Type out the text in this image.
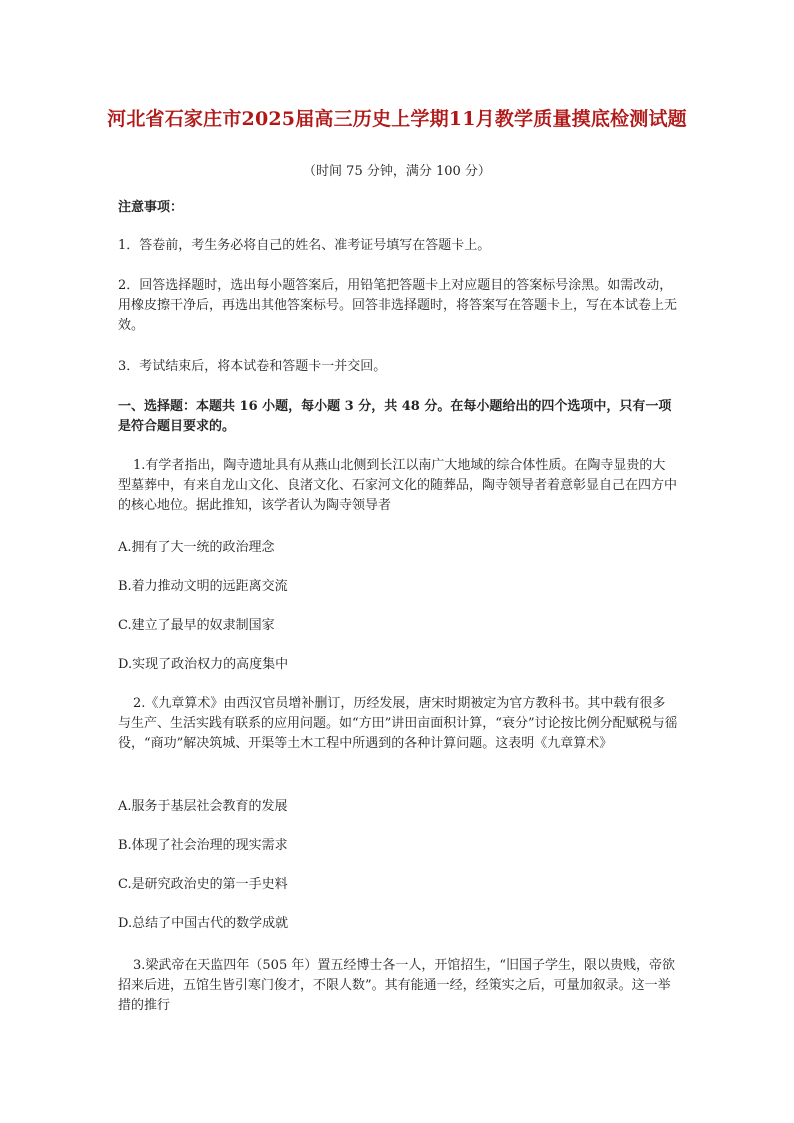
河北省石家庄市2025届高三历史上学期11月教学质量摸底检测试题
（时间 75 分钟，满分 100 分）
注意事项：
1．答卷前，考生务必将自己的姓名、准考证号填写在答题卡上。
2．回答选择题时，选出每小题答案后，用铅笔把答题卡上对应题目的答案标号涂黑。如需改动，用橡皮擦干净后，再选出其他答案标号。回答非选择题时，将答案写在答题卡上，写在本试卷上无效。
3．考试结束后，将本试卷和答题卡一并交回。
一、选择题：本题共 16 小题，每小题 3 分，共 48 分。在每小题给出的四个选项中，只有一项是符合题目要求的。
1.有学者指出，陶寺遗址具有从燕山北侧到长江以南广大地域的综合体性质。在陶寺显贵的大型墓葬中，有来自龙山文化、良渚文化、石家河文化的随葬品，陶寺领导者着意彰显自己在四方中的核心地位。据此推知，该学者认为陶寺领导者
A.拥有了大一统的政治理念
B.着力推动文明的远距离交流
C.建立了最早的奴隶制国家
D.实现了政治权力的高度集中
2.《九章算术》由西汉官员增补删订，历经发展，唐宋时期被定为官方教科书。其中载有很多与生产、生活实践有联系的应用问题。如“方田”讲田亩面积计算，“衰分”讨论按比例分配赋税与徭役，“商功”解决筑城、开渠等土木工程中所遇到的各种计算问题。这表明《九章算术》
A.服务于基层社会教育的发展
B.体现了社会治理的现实需求
C.是研究政治史的第一手史料
D.总结了中国古代的数学成就
3.梁武帝在天监四年（505 年）置五经博士各一人，开馆招生，“旧国子学生，限以贵贱，帝欲招来后进，五馆生皆引寒门俊才，不限人数”。其有能通一经，经策实之后，可量加叙录。这一举措的推行
